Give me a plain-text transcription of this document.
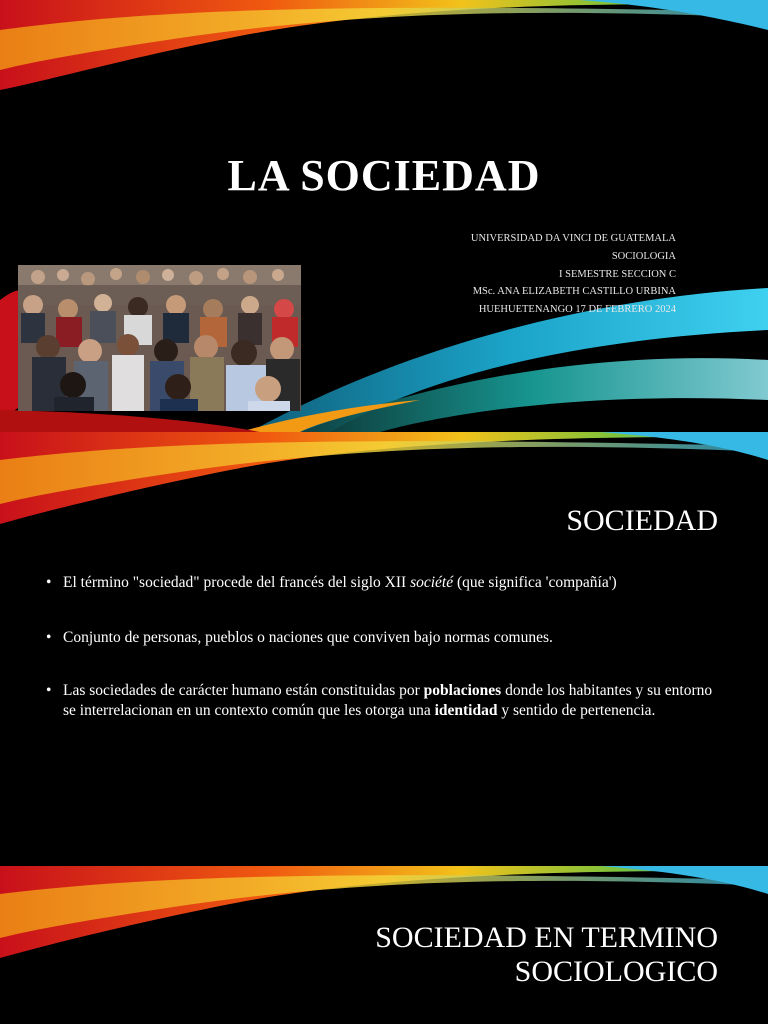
LA SOCIEDAD
UNIVERSIDAD DA VINCI DE GUATEMALA
SOCIOLOGIA
I SEMESTRE SECCION C
MSc. ANA ELIZABETH CASTILLO URBINA
HUEHUETENANGO 17 DE FEBRERO 2024
SOCIEDAD
• El término "sociedad" procede del francés del siglo XII société (que significa 'compañía')
• Conjunto de personas, pueblos o naciones que conviven bajo normas comunes.
• Las sociedades de carácter humano están constituidas por poblaciones donde los habitantes y su entorno se interrelacionan en un contexto común que les otorga una identidad y sentido de pertenencia.
SOCIEDAD EN TERMINO
SOCIOLOGICO
